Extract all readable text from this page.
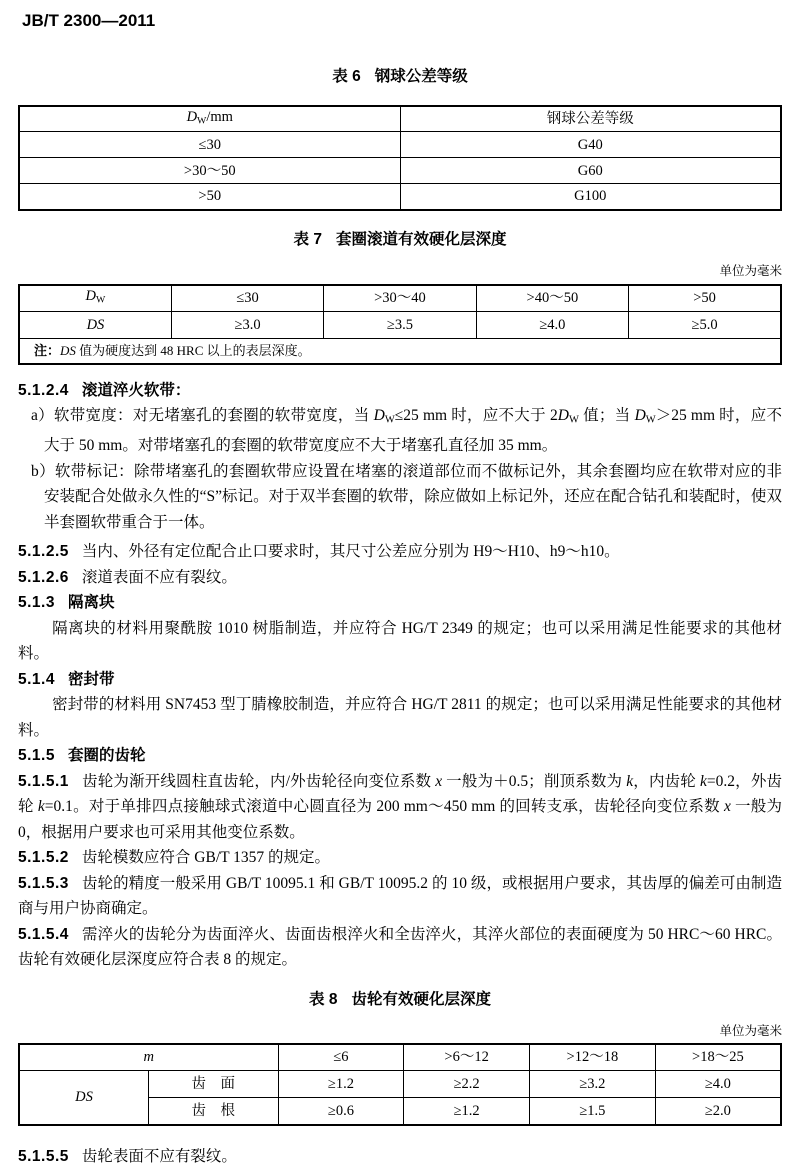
JB/T 2300—2011
表 6 钢球公差等级
DW/mm	钢球公差等级
≤30	G40
>30～50	G60
>50	G100
表 7 套圈滚道有效硬化层深度
单位为毫米
DW	≤30	>30～40	>40～50	>50
DS	≥3.0	≥3.5	≥4.0	≥5.0
注：DS 值为硬度达到 48 HRC 以上的表层深度。				

5.1.2.4 滚道淬火软带：

a）软带宽度：对无堵塞孔的套圈的软带宽度，当 DW≤25 mm 时，应不大于 2DW 值；当 DW＞25 mm 时，应不大于 50 mm。对带堵塞孔的套圈的软带宽度应不大于堵塞孔直径加 35 mm。

b）软带标记：除带堵塞孔的套圈软带应设置在堵塞的滚道部位而不做标记外，其余套圈均应在软带对应的非安装配合处做永久性的“S”标记。对于双半套圈的软带，除应做如上标记外，还应在配合钻孔和装配时，使双半套圈软带重合于一体。

5.1.2.5 当内、外径有定位配合止口要求时，其尺寸公差应分别为 H9～H10、h9～h10。

5.1.2.6 滚道表面不应有裂纹。

5.1.3 隔离块

隔离块的材料用聚酰胺 1010 树脂制造，并应符合 HG/T 2349 的规定；也可以采用满足性能要求的其他材料。

5.1.4 密封带

密封带的材料用 SN7453 型丁腈橡胶制造，并应符合 HG/T 2811 的规定；也可以采用满足性能要求的其他材料。

5.1.5 套圈的齿轮

5.1.5.1 齿轮为渐开线圆柱直齿轮，内/外齿轮径向变位系数 x 一般为＋0.5；削顶系数为 k，内齿轮 k=0.2，外齿轮 k=0.1。对于单排四点接触球式滚道中心圆直径为 200 mm～450 mm 的回转支承，齿轮径向变位系数 x 一般为 0，根据用户要求也可采用其他变位系数。

5.1.5.2 齿轮模数应符合 GB/T 1357 的规定。

5.1.5.3 齿轮的精度一般采用 GB/T 10095.1 和 GB/T 10095.2 的 10 级，或根据用户要求，其齿厚的偏差可由制造商与用户协商确定。

5.1.5.4 需淬火的齿轮分为齿面淬火、齿面齿根淬火和全齿淬火，其淬火部位的表面硬度为 50 HRC～60 HRC。齿轮有效硬化层深度应符合表 8 的规定。

表 8 齿轮有效硬化层深度
单位为毫米
m		≤6	>6～12	>12～18	>18～25
DS	齿　面	≥1.2	≥2.2	≥3.2	≥4.0
	齿　根	≥0.6	≥1.2	≥1.5	≥2.0

5.1.5.5 齿轮表面不应有裂纹。
